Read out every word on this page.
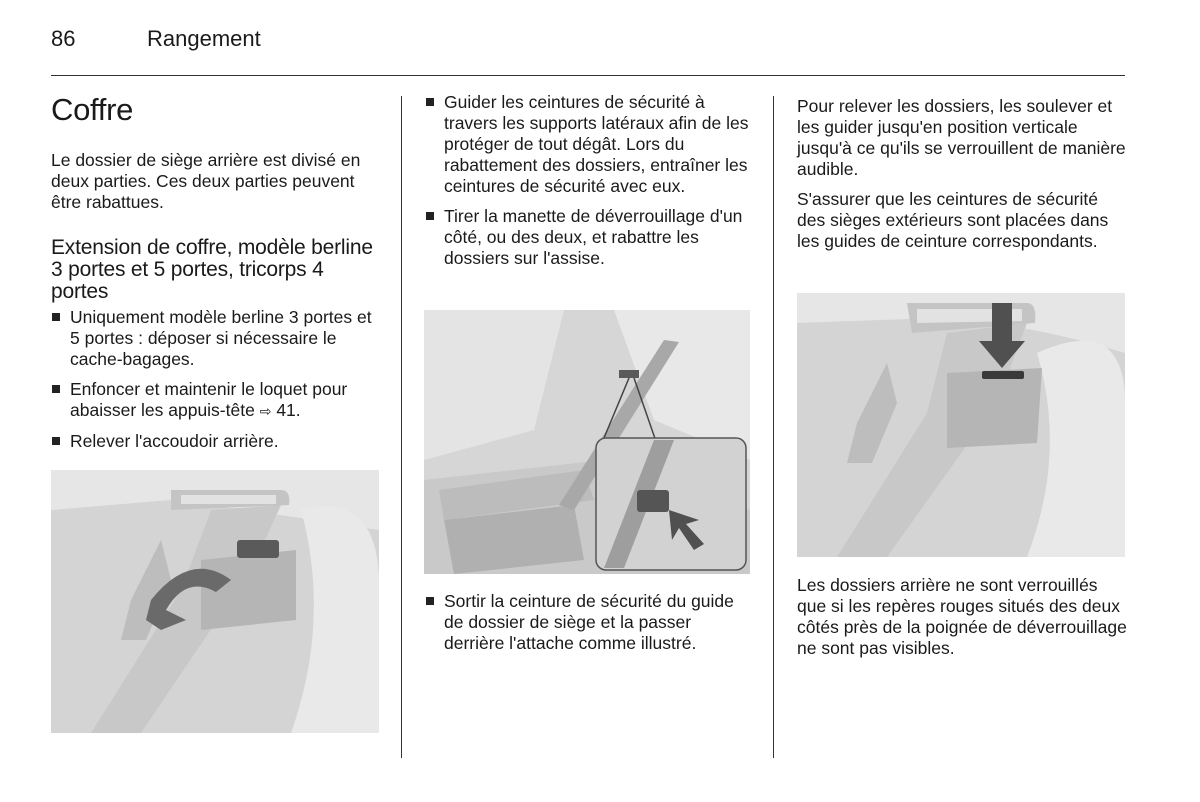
86	Rangement
Coffre

Le dossier de siège arrière est divisé en deux parties. Ces deux parties peuvent être rabattues.

Extension de coffre, modèle berline 3 portes et 5 portes, tricorps 4 portes
Uniquement modèle berline 3 portes et 5 portes : déposer si nécessaire le cache-bagages.
Enfoncer et maintenir le loquet pour abaisser les appuis-tête ⇨ 41.
Relever l'accoudoir arrière.
Guider les ceintures de sécurité à travers les supports latéraux afin de les protéger de tout dégât. Lors du rabattement des dossiers, entraîner les ceintures de sécurité avec eux.
Tirer la manette de déverrouillage d'un côté, ou des deux, et rabattre les dossiers sur l'assise.
Sortir la ceinture de sécurité du guide de dossier de siège et la passer derrière l'attache comme illustré.

Pour relever les dossiers, les soulever et les guider jusqu'en position verticale jusqu'à ce qu'ils se verrouillent de manière audible.

S'assurer que les ceintures de sécurité des sièges extérieurs sont placées dans les guides de ceinture correspondants.

Les dossiers arrière ne sont verrouillés que si les repères rouges situés des deux côtés près de la poignée de déverrouillage ne sont pas visibles.
